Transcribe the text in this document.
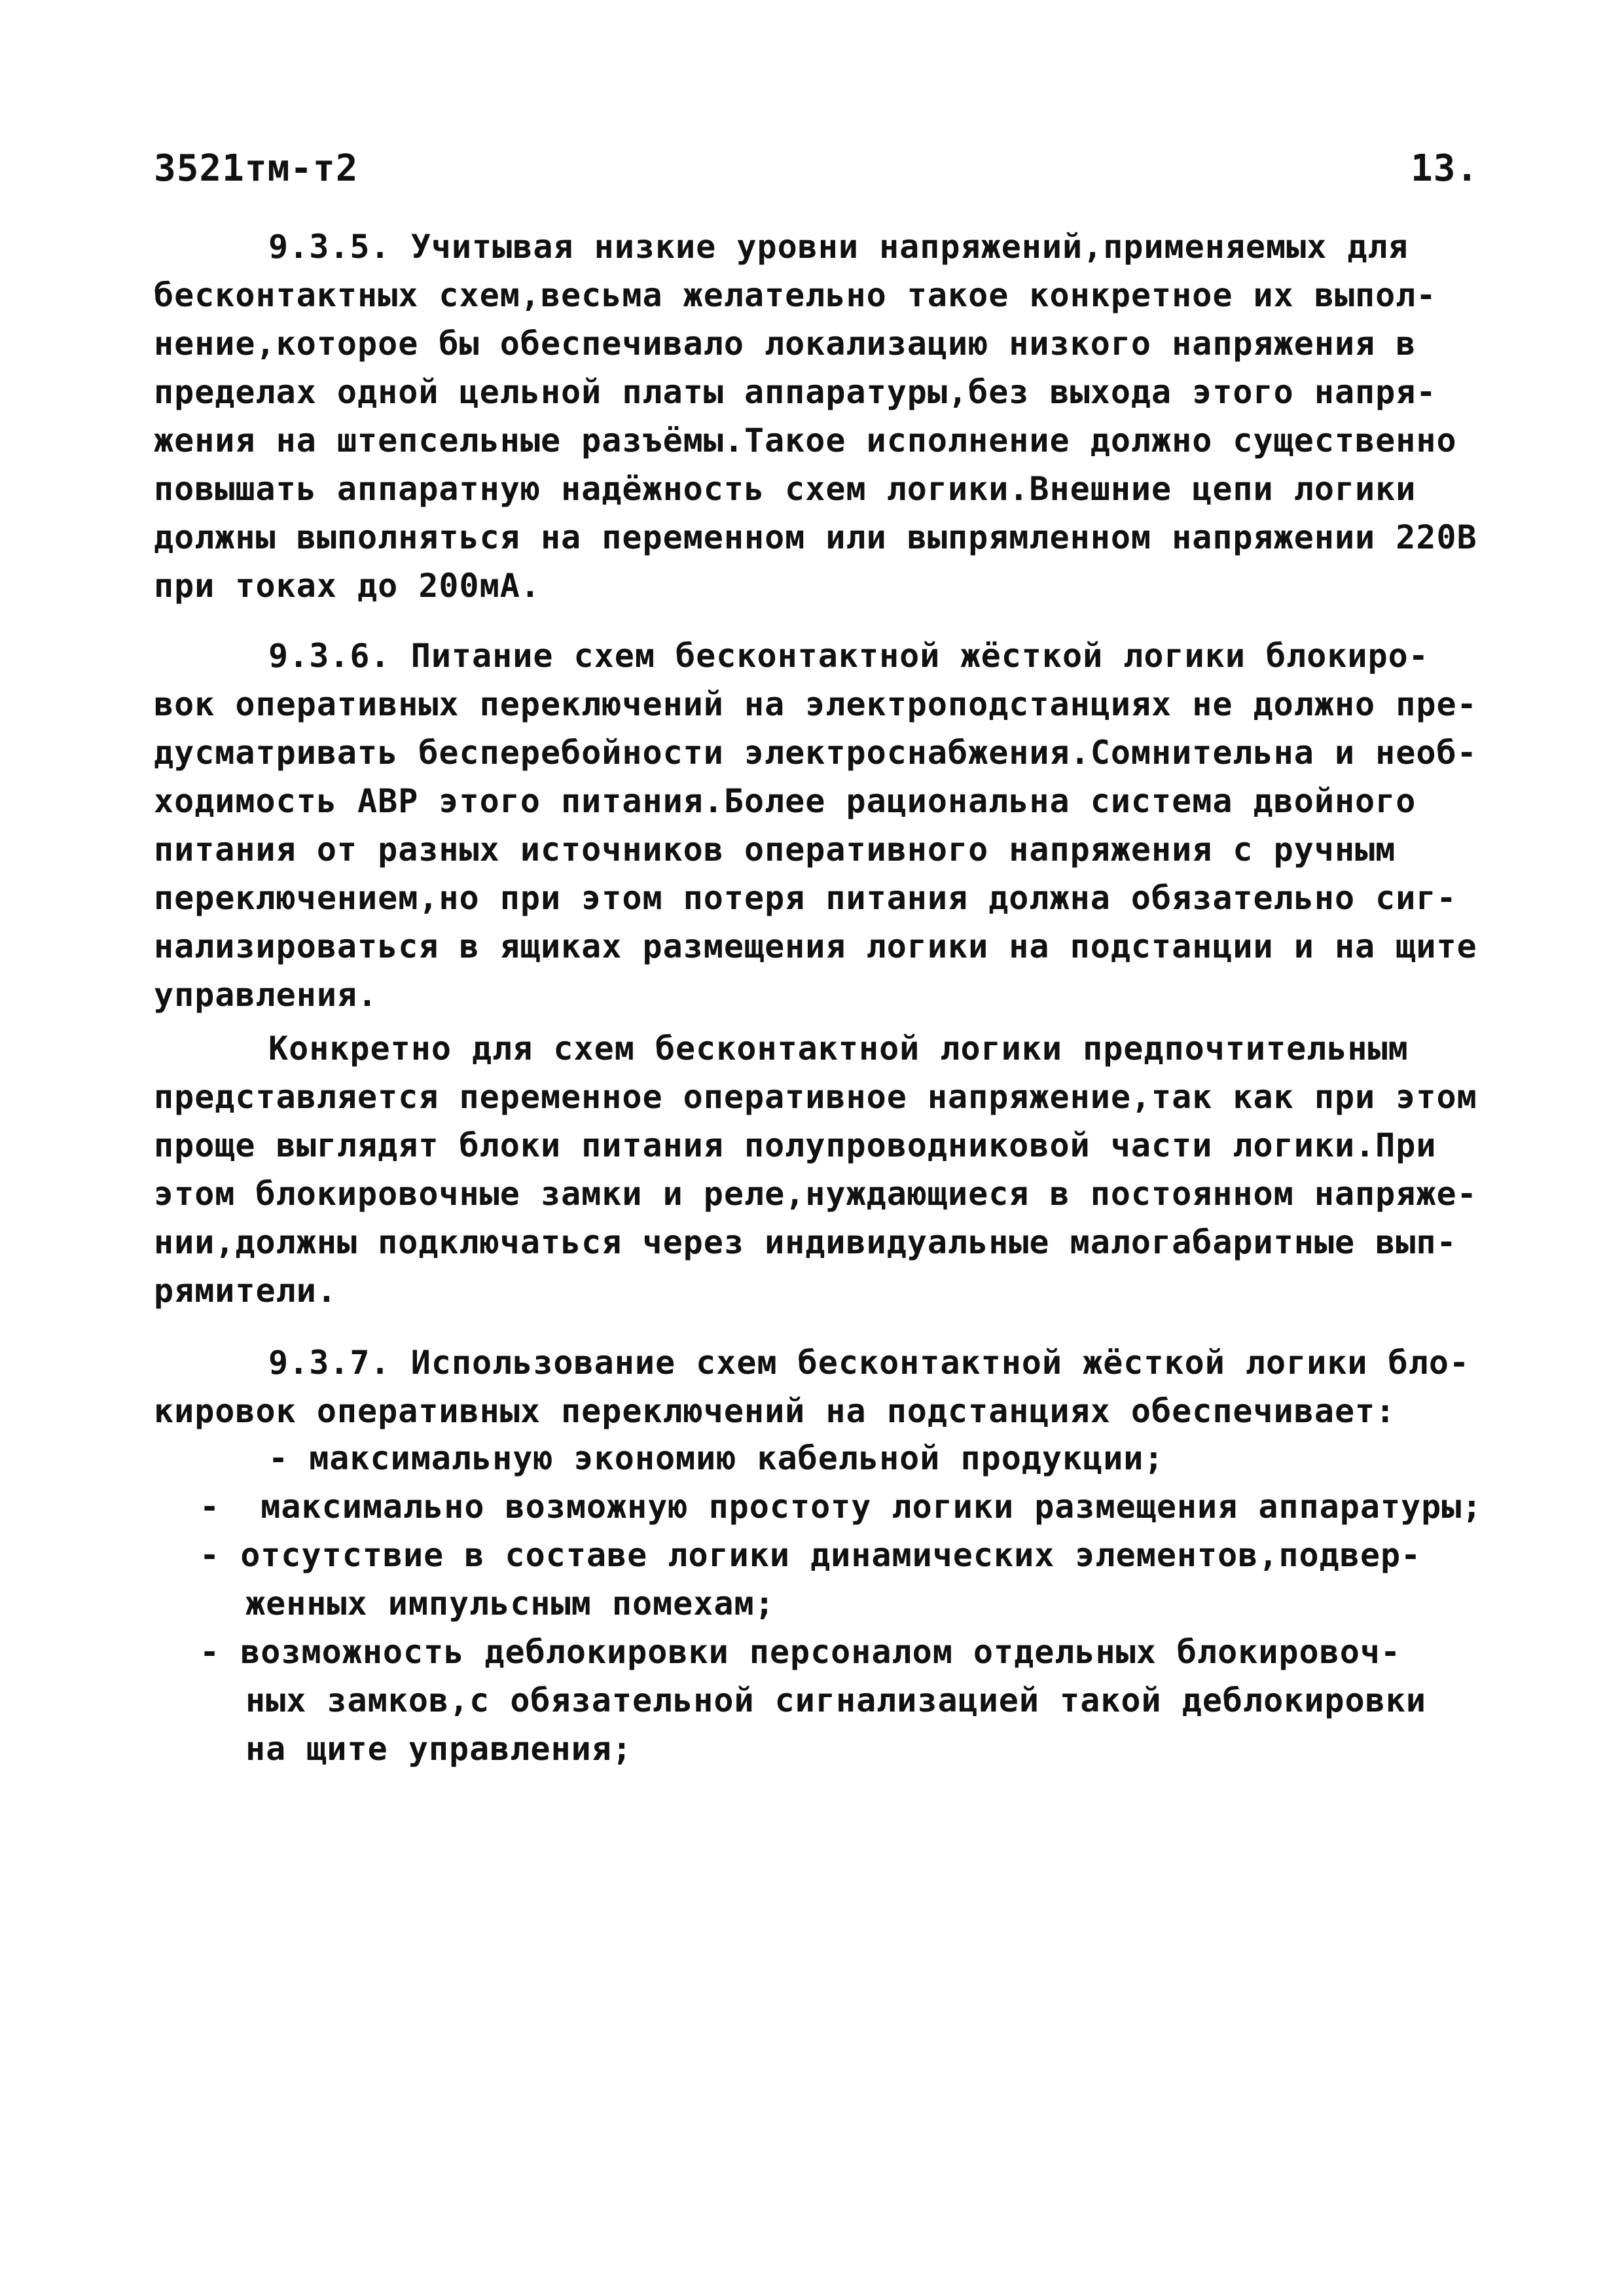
3521тм-т2	13.
9.3.5. Учитывая низкие уровни напряжений,применяемых для
бесконтактных схем,весьма желательно такое конкретное их выпол-
нение,которое бы обеспечивало локализацию низкого напряжения в
пределах одной цельной платы аппаратуры,без выхода этого напря-
жения на штепсельные разъёмы.Такое исполнение должно существенно
повышать аппаратную надёжность схем логики.Внешние цепи логики
должны выполняться на переменном или выпрямленном напряжении 220В
при токах до 200мА.
9.3.6. Питание схем бесконтактной жёсткой логики блокиро-
вок оперативных переключений на электроподстанциях не должно пре-
дусматривать бесперебойности электроснабжения.Сомнительна и необ-
ходимость АВР этого питания.Более рациональна система двойного
питания от разных источников оперативного напряжения с ручным
переключением,но при этом потеря питания должна обязательно сиг-
нализироваться в ящиках размещения логики на подстанции и на щите
управления.
Конкретно для схем бесконтактной логики предпочтительным
представляется переменное оперативное напряжение,так как при этом
проще выглядят блоки питания полупроводниковой части логики.При
этом блокировочные замки и реле,нуждающиеся в постоянном напряже-
нии,должны подключаться через индивидуальные малогабаритные вып-
рямители.
9.3.7. Использование схем бесконтактной жёсткой логики бло-
кировок оперативных переключений на подстанциях обеспечивает:
- максимальную экономию кабельной продукции;
-  максимально возможную простоту логики размещения аппаратуры;
- отсутствие в составе логики динамических элементов,подвер-
женных импульсным помехам;
- возможность деблокировки персоналом отдельных блокировоч-
ных замков,с обязательной сигнализацией такой деблокировки
на щите управления;
